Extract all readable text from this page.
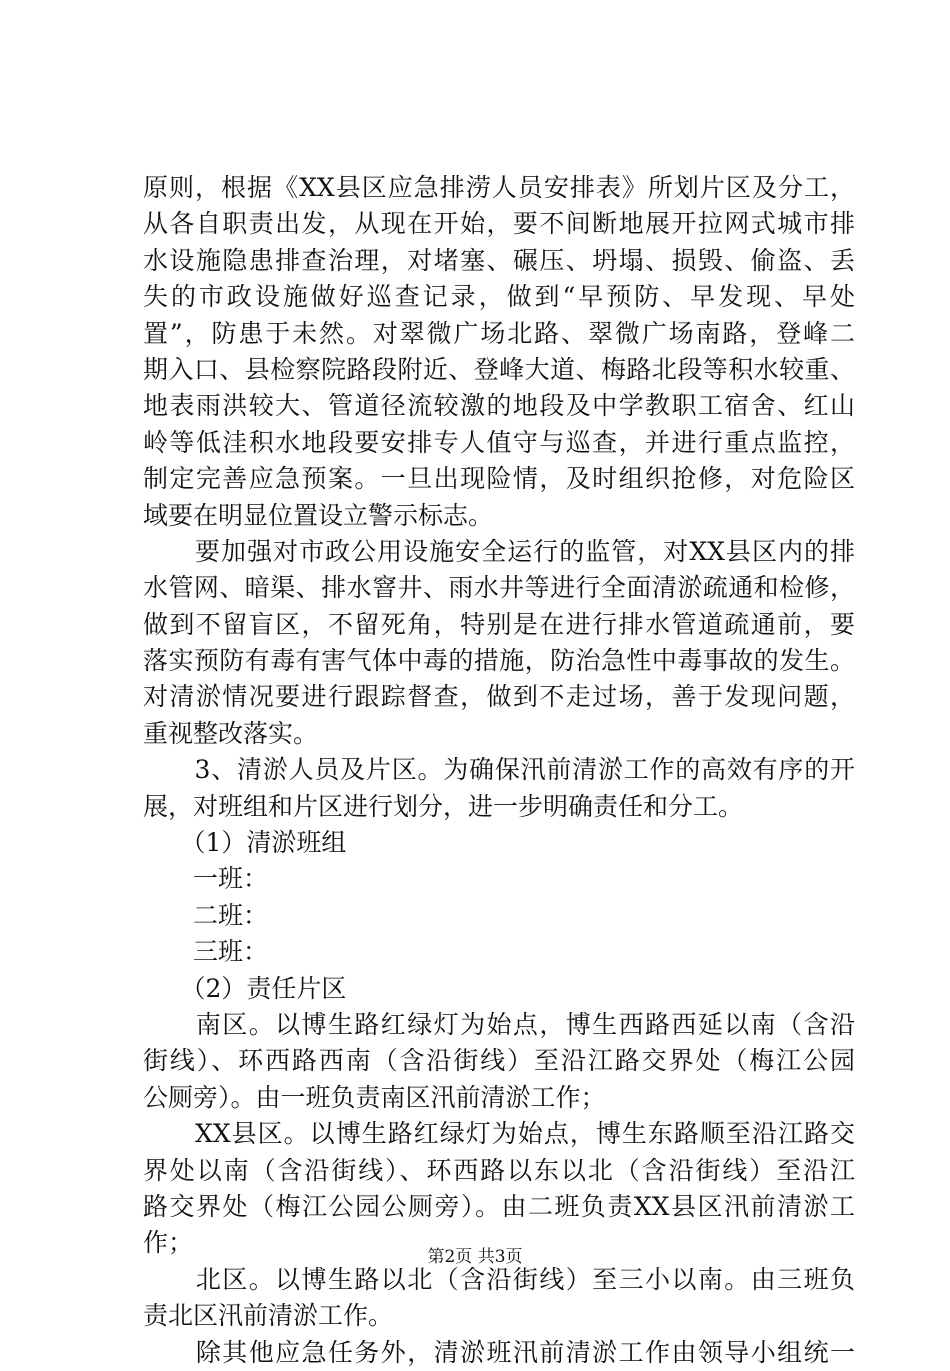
原则，根据《XX县区应急排涝人员安排表》所划片区及分工，
从各自职责出发，从现在开始，要不间断地展开拉网式城市排
水设施隐患排查治理，对堵塞、碾压、坍塌、损毁、偷盗、丢
失的市政设施做好巡查记录，做到“早预防、早发现、早处
置”，防患于未然。对翠微广场北路、翠微广场南路，登峰二
期入口、县检察院路段附近、登峰大道、梅路北段等积水较重、
地表雨洪较大、管道径流较激的地段及中学教职工宿舍、红山
岭等低洼积水地段要安排专人值守与巡查，并进行重点监控，
制定完善应急预案。一旦出现险情，及时组织抢修，对危险区
域要在明显位置设立警示标志。
　　要加强对市政公用设施安全运行的监管，对XX县区内的排
水管网、暗渠、排水窨井、雨水井等进行全面清淤疏通和检修，
做到不留盲区，不留死角，特别是在进行排水管道疏通前，要
落实预防有毒有害气体中毒的措施，防治急性中毒事故的发生。
对清淤情况要进行跟踪督查，做到不走过场，善于发现问题，
重视整改落实。
　　3、清淤人员及片区。为确保汛前清淤工作的高效有序的开
展，对班组和片区进行划分，进一步明确责任和分工。
　　（1）清淤班组
　　一班：
　　二班：
　　三班：
　　（2）责任片区
　　南区。以博生路红绿灯为始点，博生西路西延以南（含沿
街线）、环西路西南（含沿街线）至沿江路交界处（梅江公园
公厕旁）。由一班负责南区汛前清淤工作；
　　XX县区。以博生路红绿灯为始点，博生东路顺至沿江路交
界处以南（含沿街线）、环西路以东以北（含沿街线）至沿江
路交界处（梅江公园公厕旁）。由二班负责XX县区汛前清淤工
作；
　　北区。以博生路以北（含沿街线）至三小以南。由三班负
责北区汛前清淤工作。
　　除其他应急任务外，清淤班汛前清淤工作由领导小组统一
第2页 共3页
